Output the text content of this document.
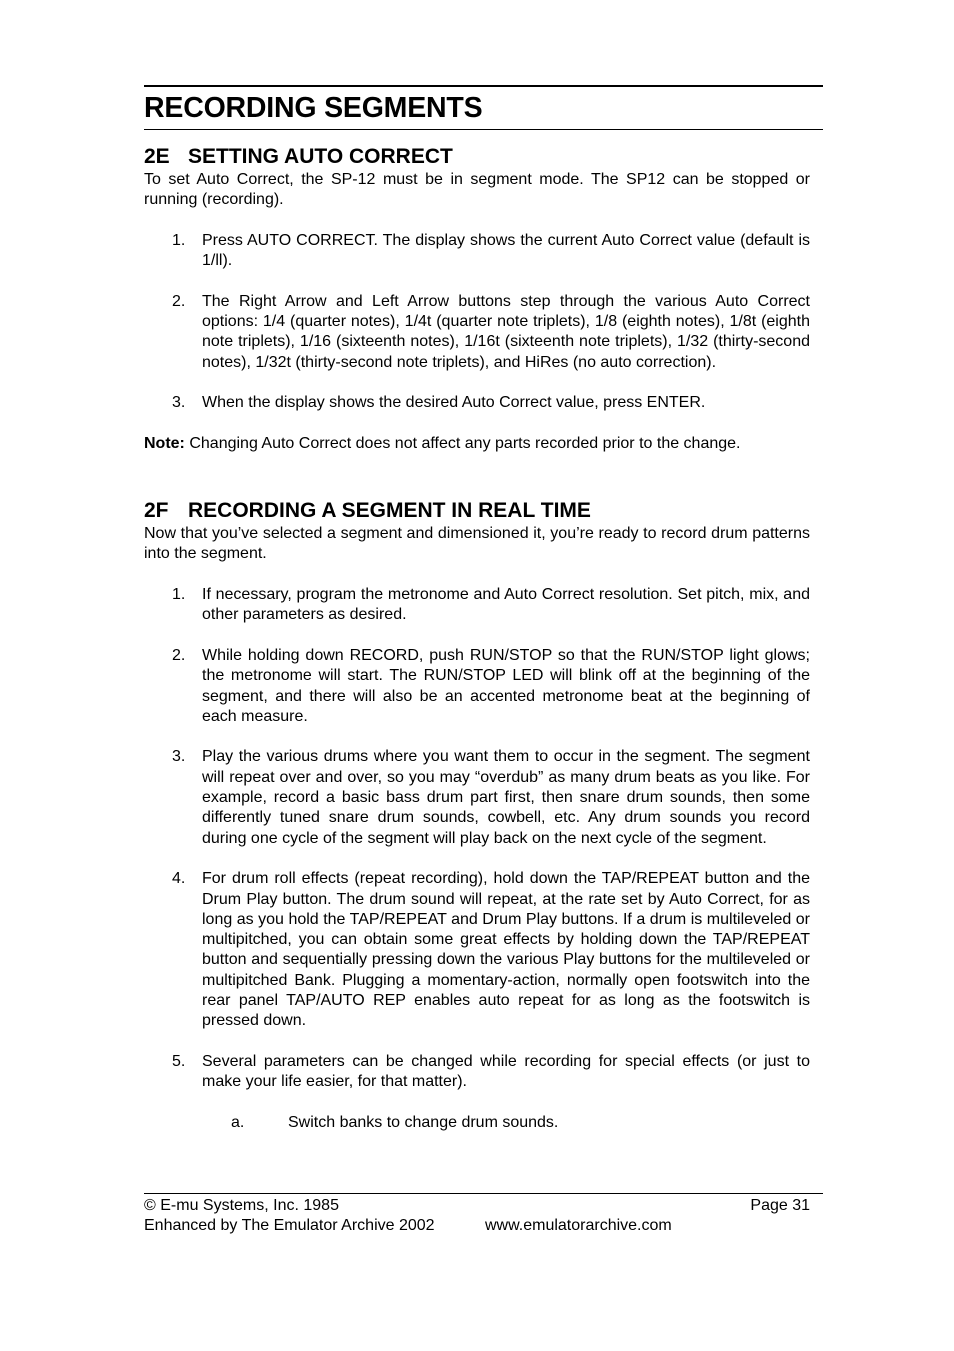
RECORDING SEGMENTS
2E SETTING AUTO CORRECT

To set Auto Correct, the SP-12 must be in segment mode. The SP12 can be stopped or running (recording).

1. Press AUTO CORRECT. The display shows the current Auto Correct value (default is 1/ll).
2. The Right Arrow and Left Arrow buttons step through the various Auto Correct options: 1/4 (quarter notes), 1/4t (quarter note triplets), 1/8 (eighth notes), 1/8t (eighth note triplets), 1/16 (sixteenth notes), 1/16t (sixteenth note triplets), 1/32 (thirty-second notes), 1/32t (thirty-second note triplets), and HiRes (no auto correction).
3. When the display shows the desired Auto Correct value, press ENTER.

Note: Changing Auto Correct does not affect any parts recorded prior to the change.

2F RECORDING A SEGMENT IN REAL TIME

Now that you’ve selected a segment and dimensioned it, you’re ready to record drum patterns into the segment.

1. If necessary, program the metronome and Auto Correct resolution. Set pitch, mix, and other parameters as desired.
2. While holding down RECORD, push RUN/STOP so that the RUN/STOP light glows; the metronome will start. The RUN/STOP LED will blink off at the beginning of the segment, and there will also be an accented metronome beat at the beginning of each measure.
3. Play the various drums where you want them to occur in the segment. The segment will repeat over and over, so you may “overdub” as many drum beats as you like. For example, record a basic bass drum part first, then snare drum sounds, then some differently tuned snare drum sounds, cowbell, etc. Any drum sounds you record during one cycle of the segment will play back on the next cycle of the segment.
4. For drum roll effects (repeat recording), hold down the TAP/REPEAT button and the Drum Play button. The drum sound will repeat, at the rate set by Auto Correct, for as long as you hold the TAP/REPEAT and Drum Play buttons. If a drum is multileveled or multipitched, you can obtain some great effects by holding down the TAP/REPEAT button and sequentially pressing down the various Play buttons for the multileveled or multipitched Bank. Plugging a momentary-action, normally open footswitch into the rear panel TAP/AUTO REP enables auto repeat for as long as the footswitch is pressed down.
5. Several parameters can be changed while recording for special effects (or just to make your life easier, for that matter).
a.	Switch banks to change drum sounds.
© E-mu Systems, Inc. 1985	Page 31
Enhanced by The Emulator Archive 2002	www.emulatorarchive.com
